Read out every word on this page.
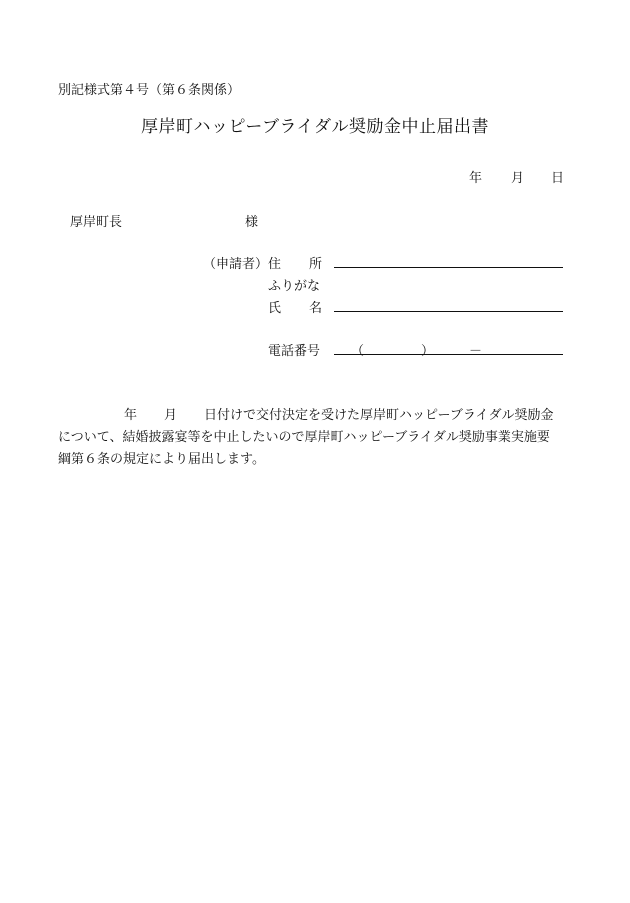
別記様式第４号（第６条関係）
厚岸町ハッピーブライダル奨励金中止届出書
年 月 日
厚岸町長	様
（申請者） 住 所
ふりがな
氏 名
電話番号 （	）	－
年 月 日付けで交付決定を受けた厚岸町ハッピーブライダル奨励金
について、結婚披露宴等を中止したいので厚岸町ハッピーブライダル奨励事業実施要
綱第６条の規定により届出します。
